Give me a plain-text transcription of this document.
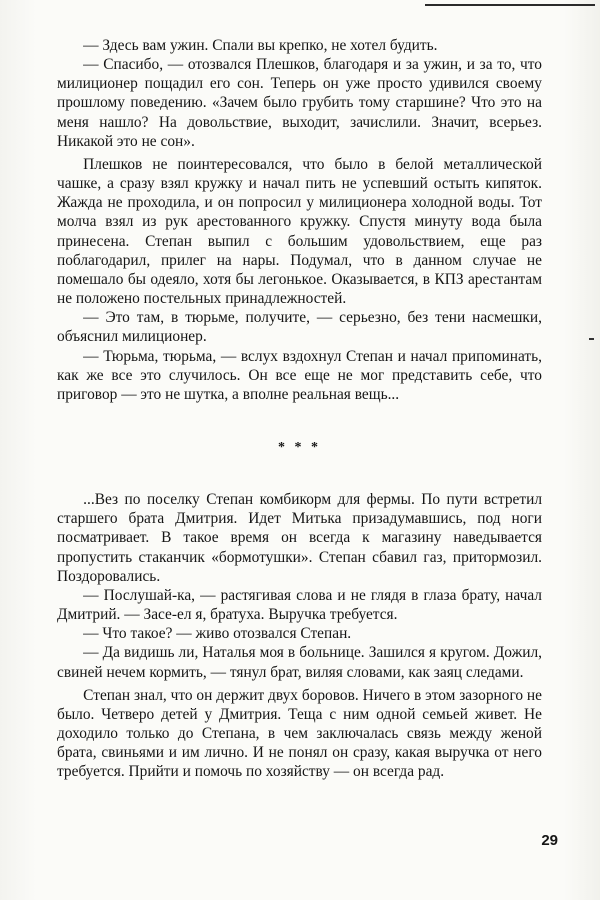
— Здесь вам ужин. Спали вы крепко, не хотел будить.

— Спасибо, — отозвался Плешков, благодаря и за ужин, и за то, что милиционер пощадил его сон. Теперь он уже просто удивился своему прошлому поведению. «Зачем было грубить тому старшине? Что это на меня нашло? На довольствие, выходит, зачислили. Значит, всерьез. Никакой это не сон».

Плешков не поинтересовался, что было в белой металлической чашке, а сразу взял кружку и начал пить не успевший остыть кипяток. Жажда не проходила, и он попросил у милиционера холодной воды. Тот молча взял из рук арестованного кружку. Спустя минуту вода была принесена. Степан выпил с большим удовольствием, еще раз поблагодарил, прилег на нары. Подумал, что в данном случае не помешало бы одеяло, хотя бы легонькое. Оказывается, в КПЗ арестантам не положено постельных принадлежностей.

— Это там, в тюрьме, получите, — серьезно, без тени насмешки, объяснил милиционер.

— Тюрьма, тюрьма, — вслух вздохнул Степан и начал припоминать, как же все это случилось. Он все еще не мог представить себе, что приговор — это не шутка, а вполне реальная вещь...

* * *

...Вез по поселку Степан комбикорм для фермы. По пути встретил старшего брата Дмитрия. Идет Митька призадумавшись, под ноги посматривает. В такое время он всегда к магазину наведывается пропустить стаканчик «бормотушки». Степан сбавил газ, притормозил. Поздоровались.

— Послушай-ка, — растягивая слова и не глядя в глаза брату, начал Дмитрий. — Засе-ел я, братуха. Выручка требуется.

— Что такое? — живо отозвался Степан.

— Да видишь ли, Наталья моя в больнице. Зашился я кругом. Дожил, свиней нечем кормить, — тянул брат, виляя словами, как заяц следами.

Степан знал, что он держит двух боровов. Ничего в этом зазорного не было. Четверо детей у Дмитрия. Теща с ним одной семьей живет. Не доходило только до Степана, в чем заключалась связь между женой брата, свиньями и им лично. И не понял он сразу, какая выручка от него требуется. Прийти и помочь по хозяйству — он всегда рад.

29
